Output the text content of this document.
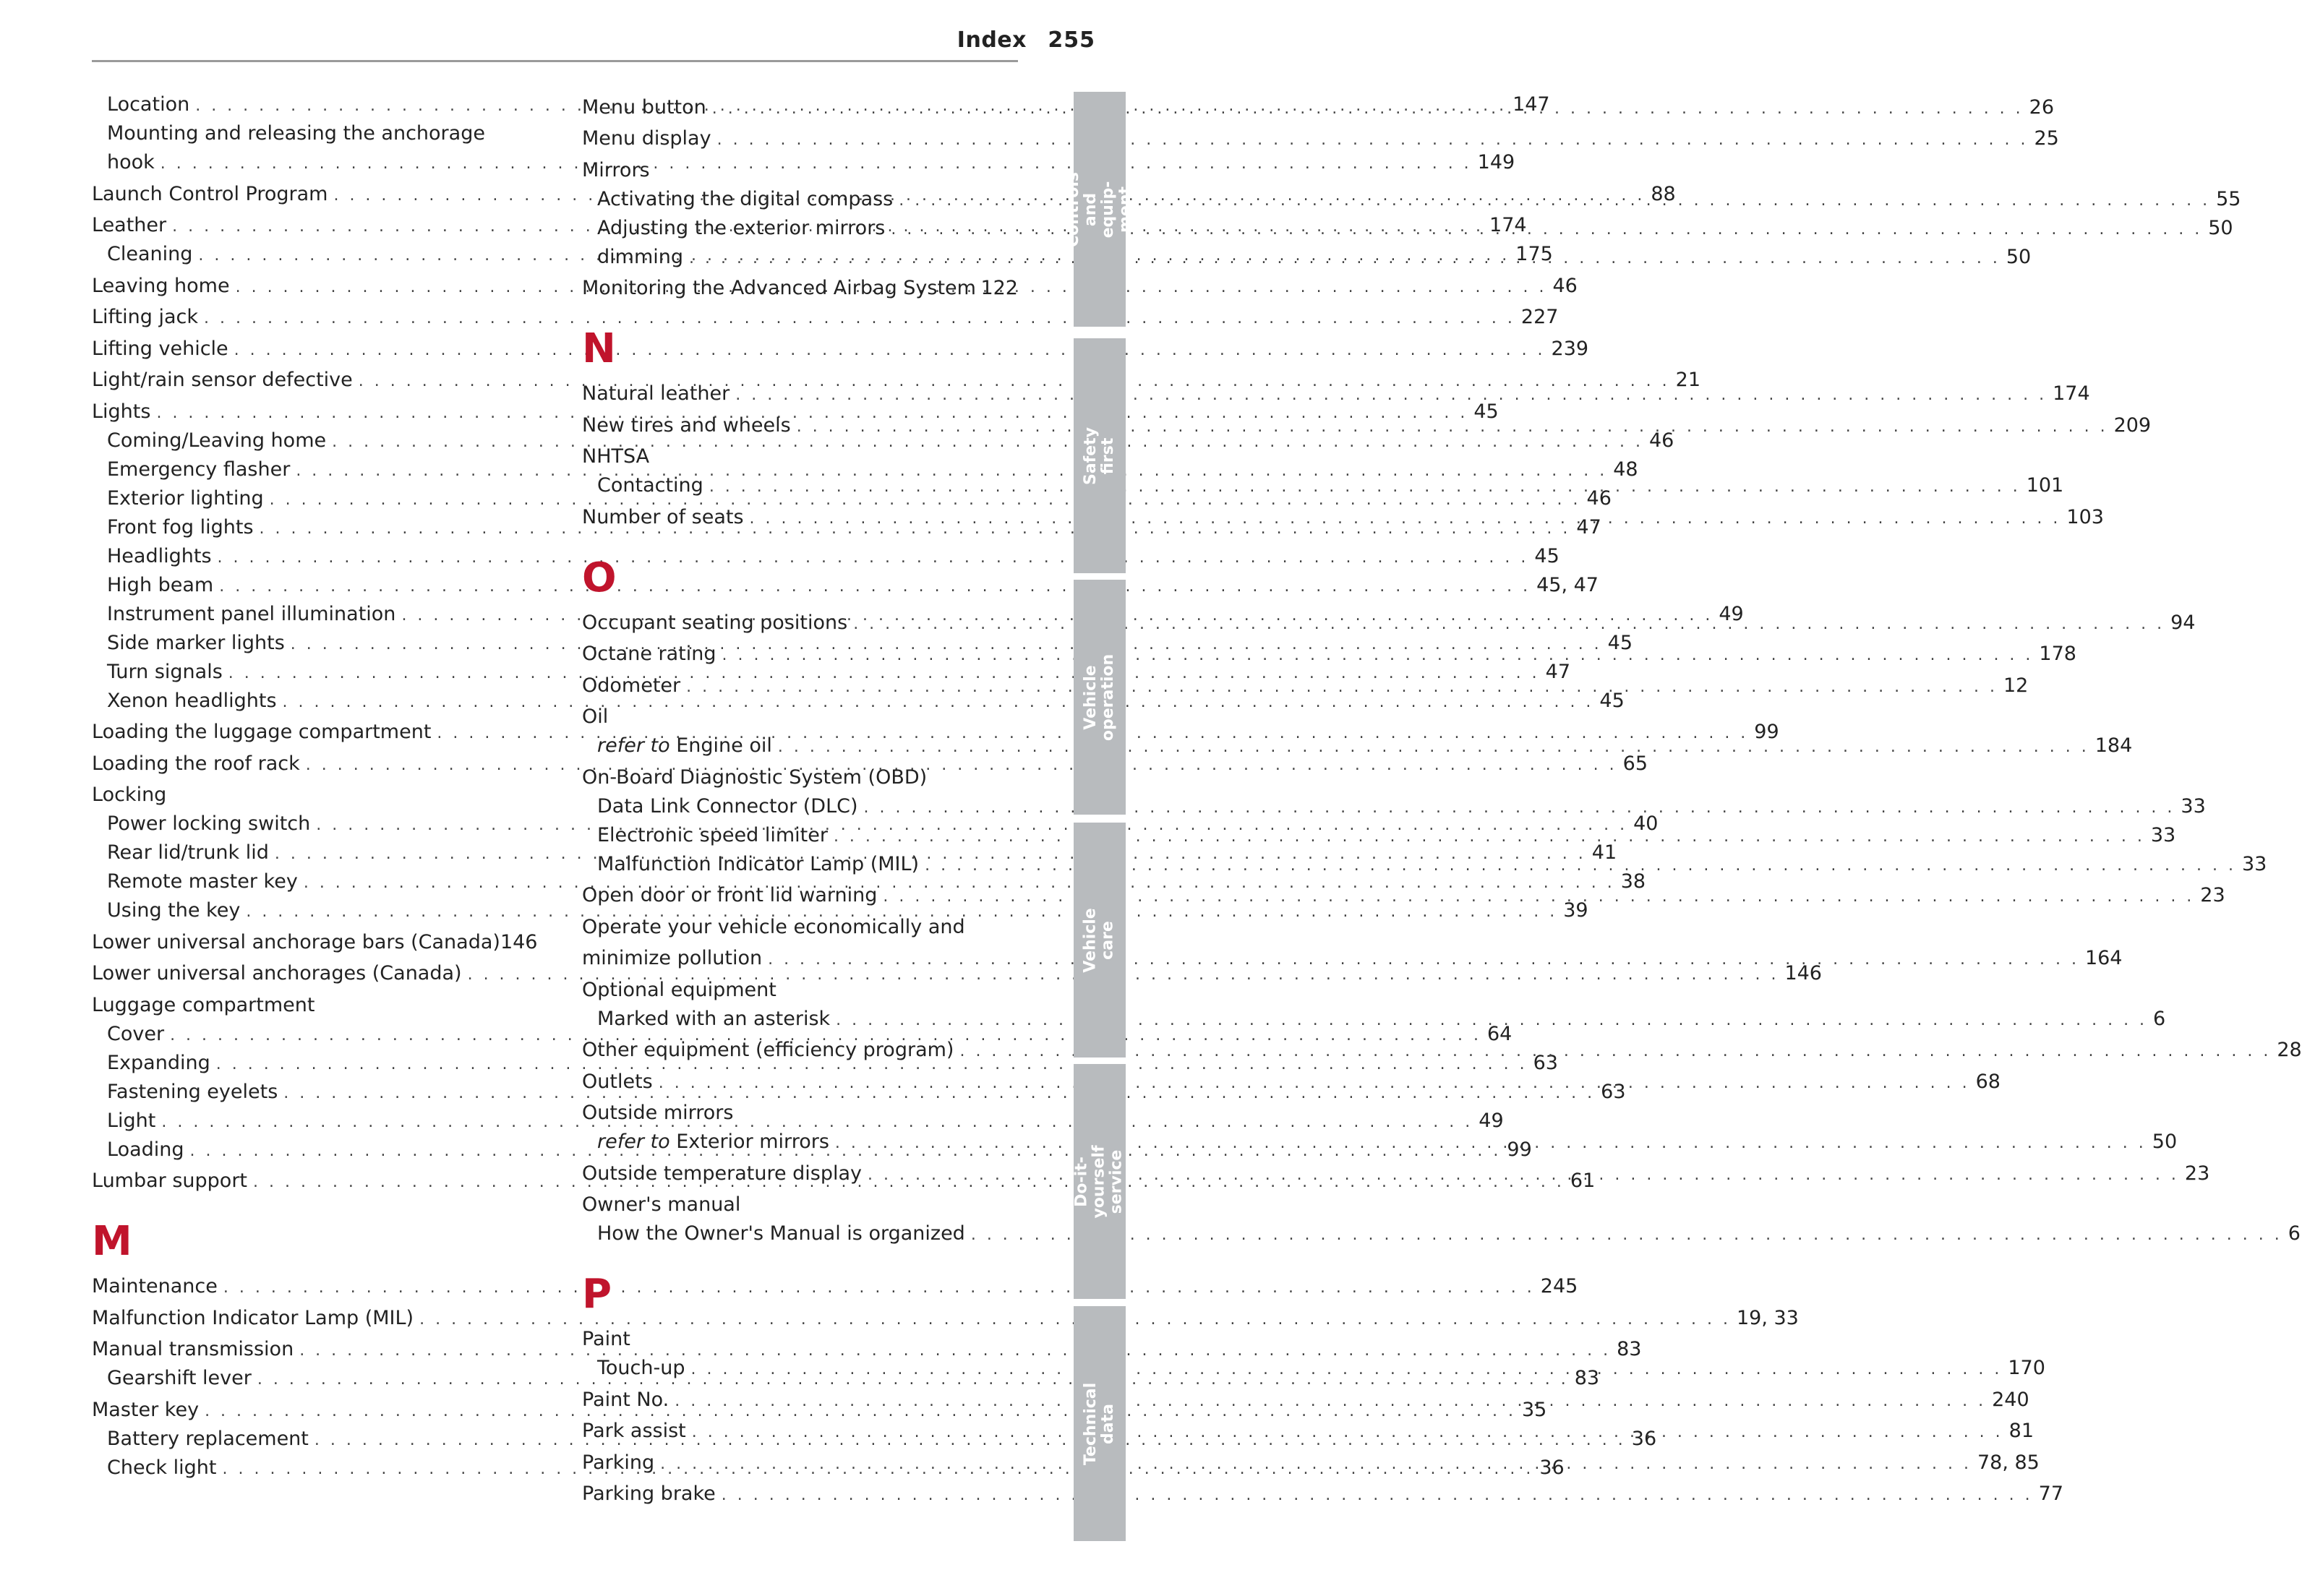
Index 255
Location . . .	147
Mounting and releasing the anchorage
hook . . .	149
Launch Control Program . . .	88
Leather . . .	174
Cleaning . . .	175
Leaving home . . .	46
Lifting jack . . .	227
Lifting vehicle . . .	239
Light/rain sensor defective . . .	21
Lights . . .	45
Coming/Leaving home . . .	46
Emergency flasher . . .	48
Exterior lighting . . .	46
Front fog lights . . .	47
Headlights . . .	45
High beam . . .	45, 47
Instrument panel illumination . . .	49
Side marker lights . . .	45
Turn signals . . .	47
Xenon headlights . . .	45
Loading the luggage compartment . . .	99
Loading the roof rack . . .	65
Locking
Power locking switch . . .	40
Rear lid/trunk lid . . .	41
Remote master key . . .	38
Using the key . . .	39
Lower universal anchorage bars (Canada) 146
Lower universal anchorages (Canada) . . .	146
Luggage compartment
Cover . . .	64
Expanding . . .	63
Fastening eyelets . . .	63
Light . . .	49
Loading . . .	99
Lumbar support . . .	61
M
Maintenance . . .	245
Malfunction Indicator Lamp (MIL) . . .	19, 33
Manual transmission . . .	83
Gearshift lever . . .	83
Master key . . .	35
Battery replacement . . .	36
Check light . . .	36
Menu button . . .	26
Menu display . . .	25
Mirrors
Activating the digital compass . . .	55
Adjusting the exterior mirrors . . .	50
dimming . . .	50
Monitoring the Advanced Airbag System 122
N
Natural leather . . .	174
New tires and wheels . . .	209
NHTSA
Contacting . . .	101
Number of seats . . .	103
O
Occupant seating positions . . .	94
Octane rating . . .	178
Odometer . . .	12
Oil
refer to Engine oil . . .	184
On-Board Diagnostic System (OBD)
Data Link Connector (DLC) . . .	33
Electronic speed limiter . . .	33
Malfunction Indicator Lamp (MIL) . . .	33
Open door or front lid warning . . .	23
Operate your vehicle economically and
minimize pollution . . .	164
Optional equipment
Marked with an asterisk . . .	6
Other equipment (efficiency program) . . .	28
Outlets . . .	68
Outside mirrors
refer to Exterior mirrors . . .	50
Outside temperature display . . .	23
Owner's manual
How the Owner's Manual is organized . . .	6
P
Paint
Touch-up . . .	170
Paint No. . . .	240
Park assist . . .	81
Parking . . .	78, 85
Parking brake . . .	77
Controls and equip- ment
Safety first
Vehicle operation
Vehicle care
Do-it-yourself service
Technical data
